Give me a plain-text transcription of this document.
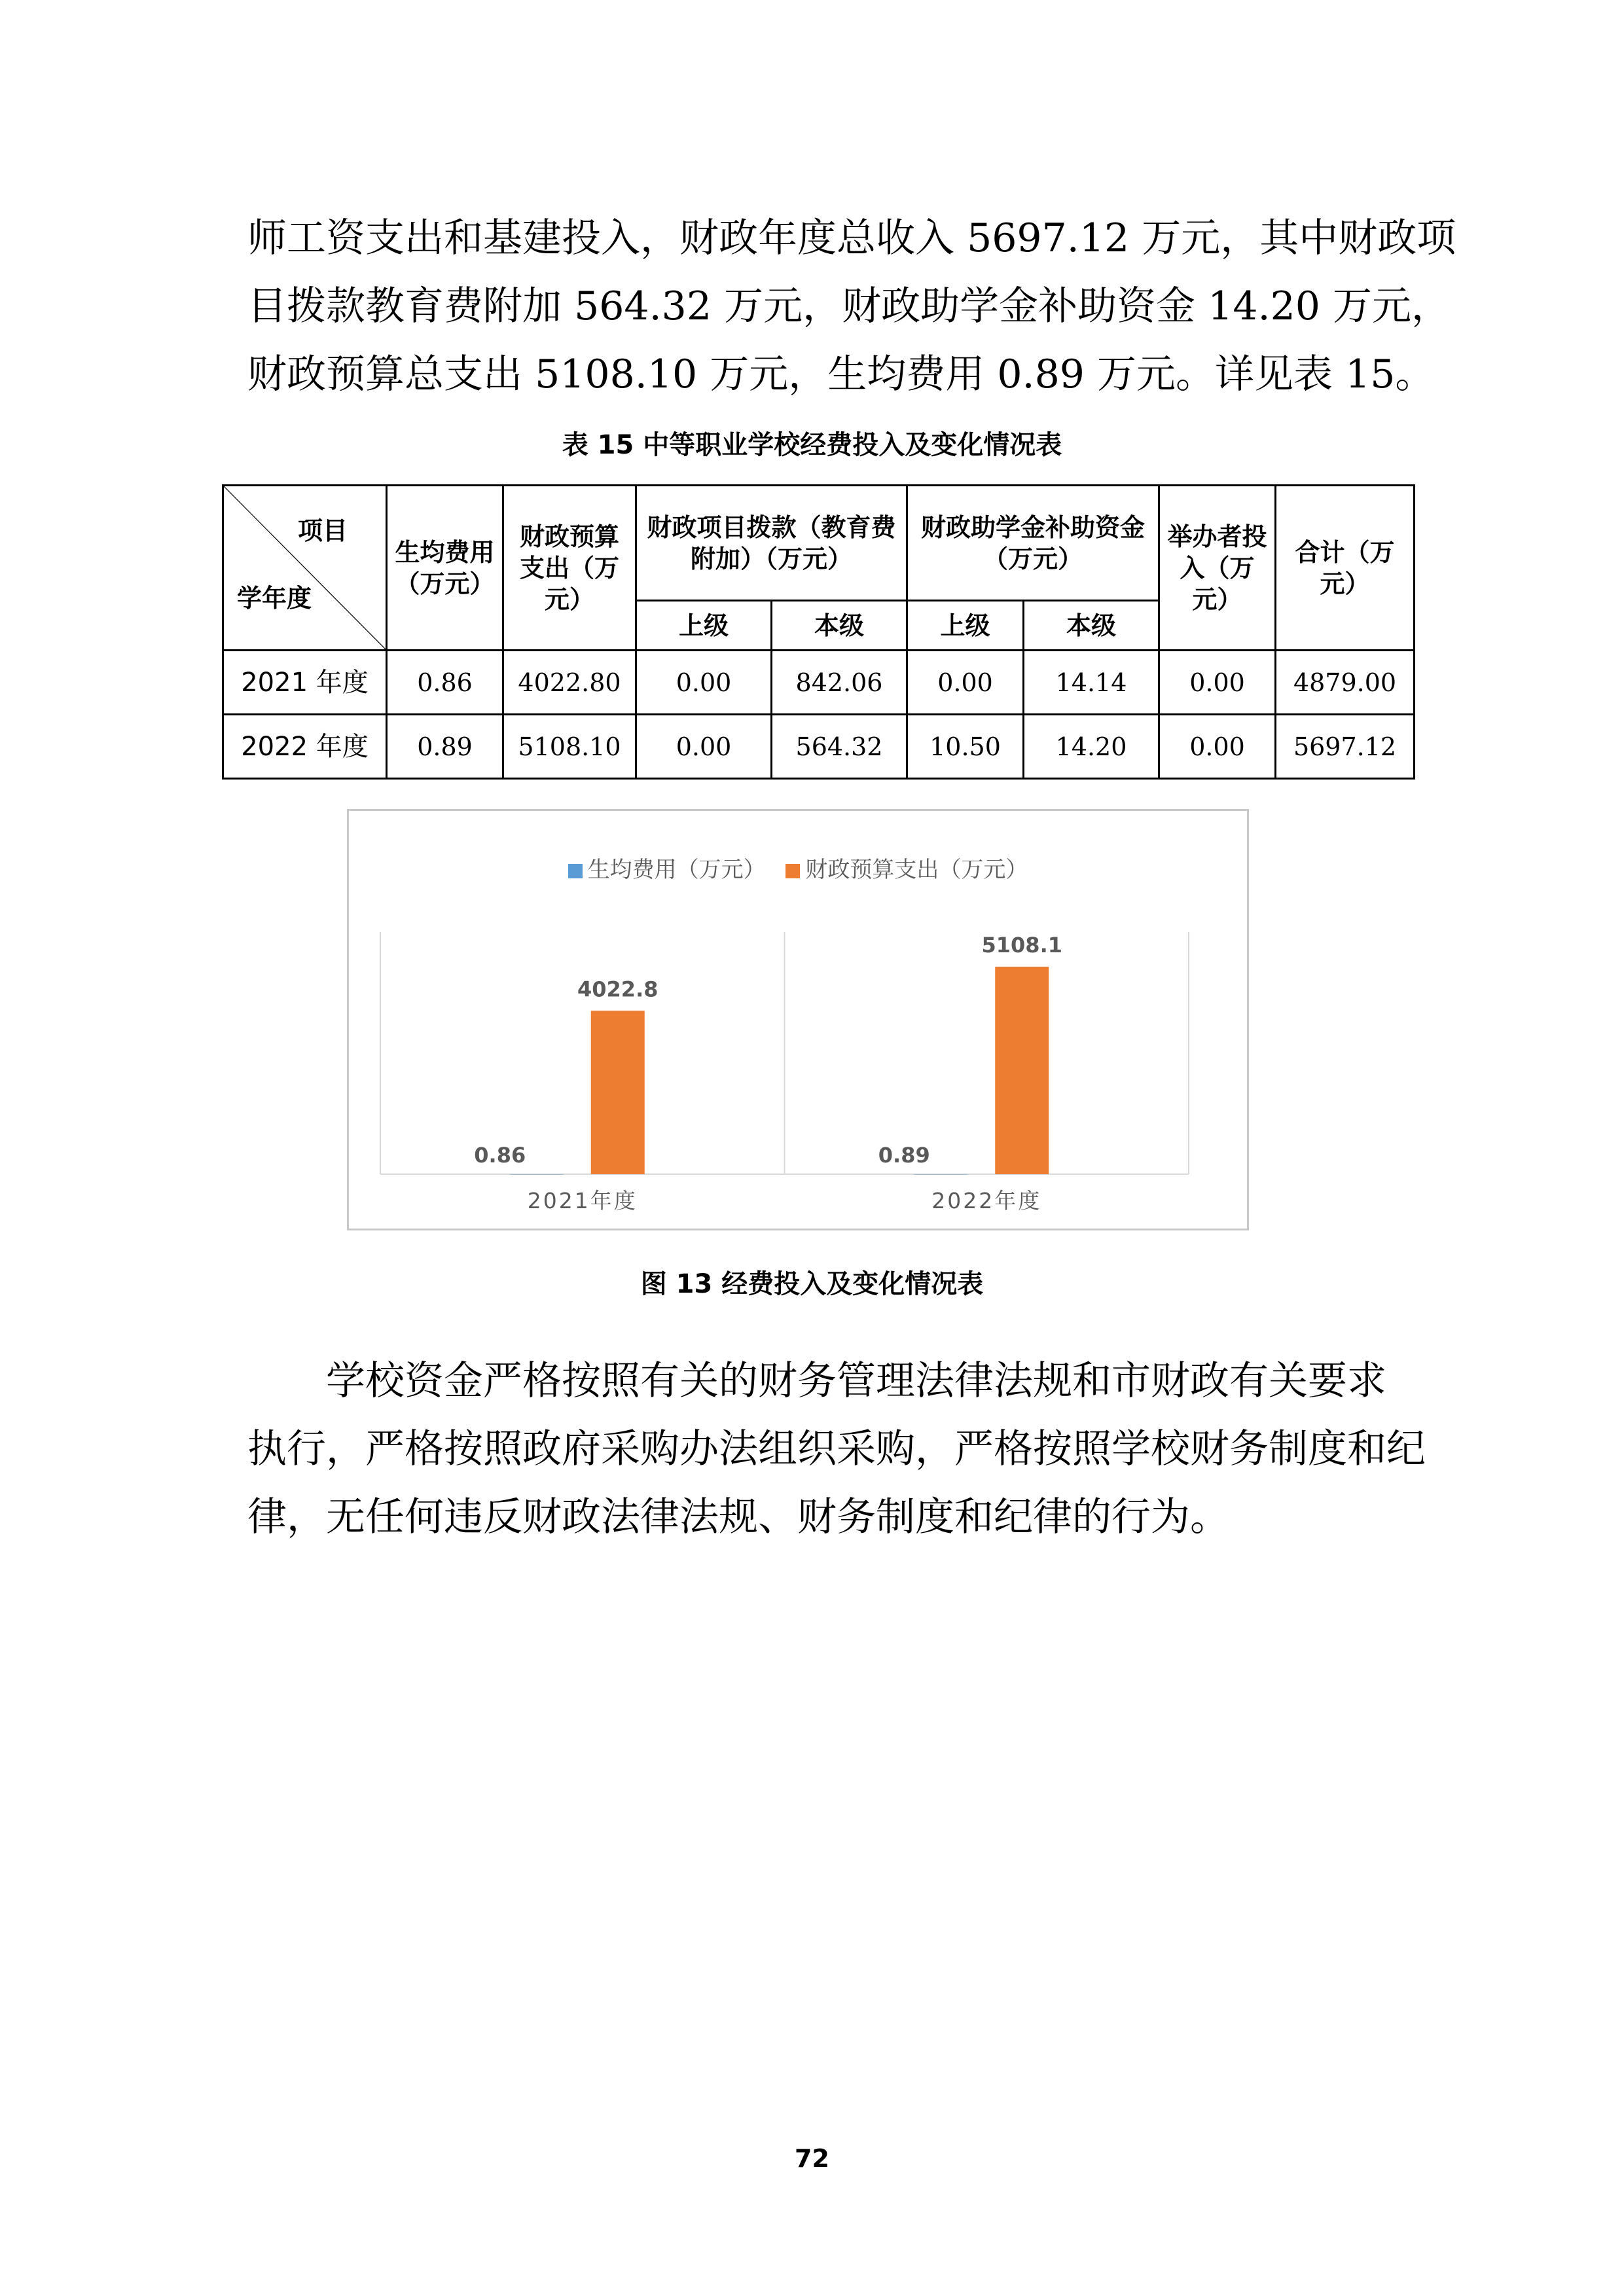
师工资支出和基建投入，财政年度总收入 5697.12 万元，其中财政项
目拨款教育费附加 564.32 万元，财政助学金补助资金 14.20 万元，
财政预算总支出 5108.10 万元，生均费用 0.89 万元。详见表 15。
表 15 中等职业学校经费投入及变化情况表
项目
学年度	生均费用（万元）	财政预算支出（万元）	财政项目拨款（教育费附加）（万元）		财政助学金补助资金（万元）		举办者投入（万元）	合计（万元）
			上级	本级	上级	本级		
2021 年度	0.86	4022.80	0.00	842.06	0.00	14.14	0.00	4879.00
2022 年度	0.89	5108.10	0.00	564.32	10.50	14.20	0.00	5697.12
生均费用（万元） 财政预算支出（万元）
0.86
4022.8
2021年度
0.89
5108.1
2022年度
图 13 经费投入及变化情况表
学校资金严格按照有关的财务管理法律法规和市财政有关要求
执行，严格按照政府采购办法组织采购，严格按照学校财务制度和纪
律，无任何违反财政法律法规、财务制度和纪律的行为。
72
